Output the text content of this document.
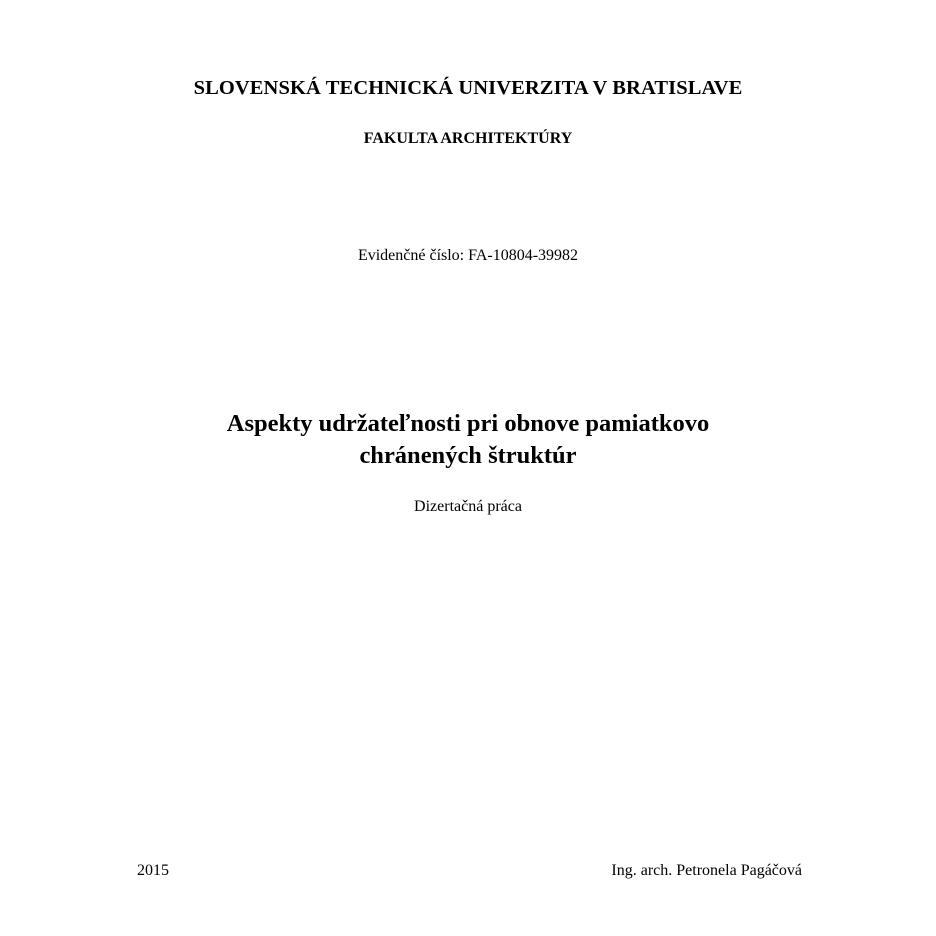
SLOVENSKÁ TECHNICKÁ UNIVERZITA V BRATISLAVE
FAKULTA ARCHITEKTÚRY
Evidenčné číslo: FA-10804-39982
Aspekty udržateľnosti pri obnove pamiatkovo
chránených štruktúr
Dizertačná práca
2015	Ing. arch. Petronela Pagáčová
